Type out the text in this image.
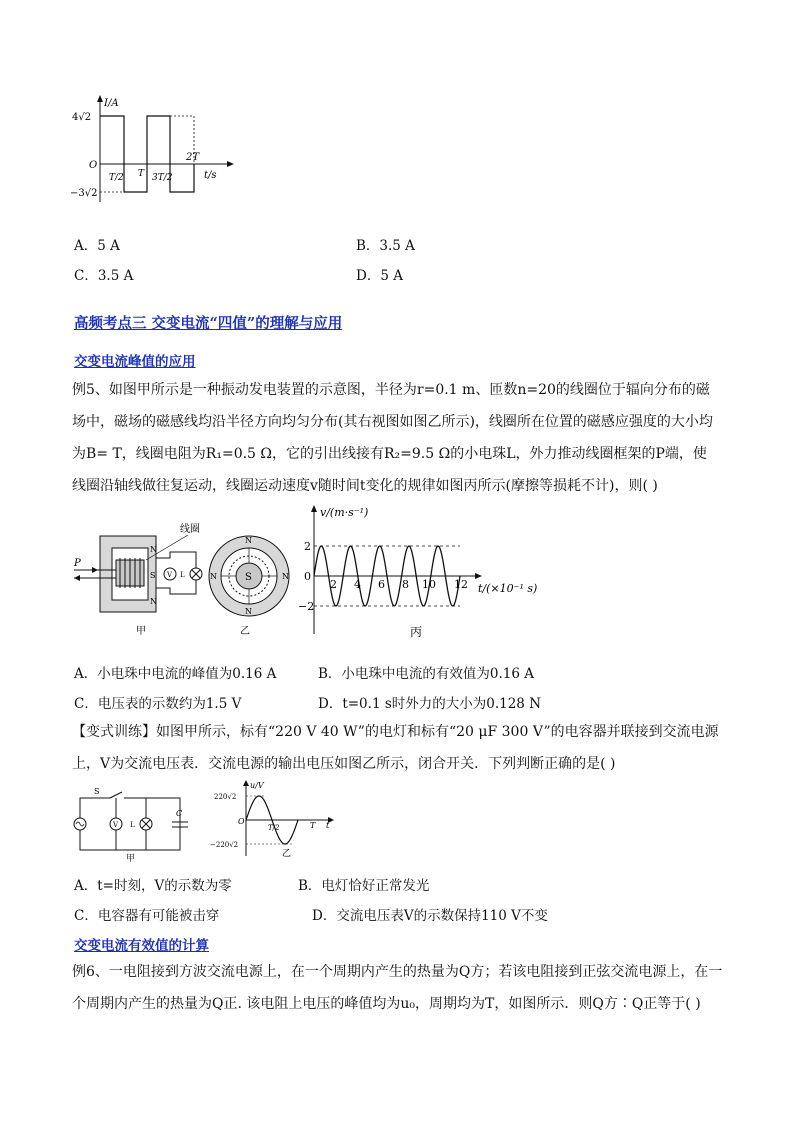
I/A
4√2
−3√2
O
t/s
T/2 T 3T/2
2T
A．5 A	B．3.5 A
C．3.5 A	D．5 A
高频考点三 交变电流“四值”的理解与应用
交变电流峰值的应用
例5、如图甲所示是一种振动发电装置的示意图，半径为r=0.1 m、匝数n=20的线圈位于辐向分布的磁
场中，磁场的磁感线均沿半径方向均匀分布(其右视图如图乙所示)，线圈所在位置的磁感应强度的大小均
为B= T，线圈电阻为R₁=0.5 Ω，它的引出线接有R₂=9.5 Ω的小电珠L，外力推动线圈框架的P端，使
线圈沿轴线做往复运动，线圈运动速度v随时间t变化的规律如图丙所示(摩擦等损耗不计)，则( )
P
N
S
N
V L
线圈
甲
S
N
N	N
N
乙
v/(m·s⁻¹)
2
−2
0
2 4 6 8 10 12 t/(×10⁻¹ s)
丙
A．小电珠中电流的峰值为0.16 A	B．小电珠中电流的有效值为0.16 A
C．电压表的示数约为1.5 V	D．t=0.1 s时外力的大小为0.128 N
【变式训练】如图甲所示，标有“220 V 40 W”的电灯和标有“20 μF 300 V”的电容器并联接到交流电源
上，V为交流电压表．交流电源的输出电压如图乙所示，闭合开关．下列判断正确的是( )
S
V L
C
甲
u/V
220√2
−220√2
O
T/2	T t
乙
A．t=时刻，V的示数为零	B．电灯恰好正常发光
C．电容器有可能被击穿	D．交流电压表V的示数保持110 V不变
交变电流有效值的计算
例6、一电阻接到方波交流电源上，在一个周期内产生的热量为Q方；若该电阻接到正弦交流电源上，在一
个周期内产生的热量为Q正. 该电阻上电压的峰值均为u₀，周期均为T，如图所示．则Q方∶Q正等于( )
